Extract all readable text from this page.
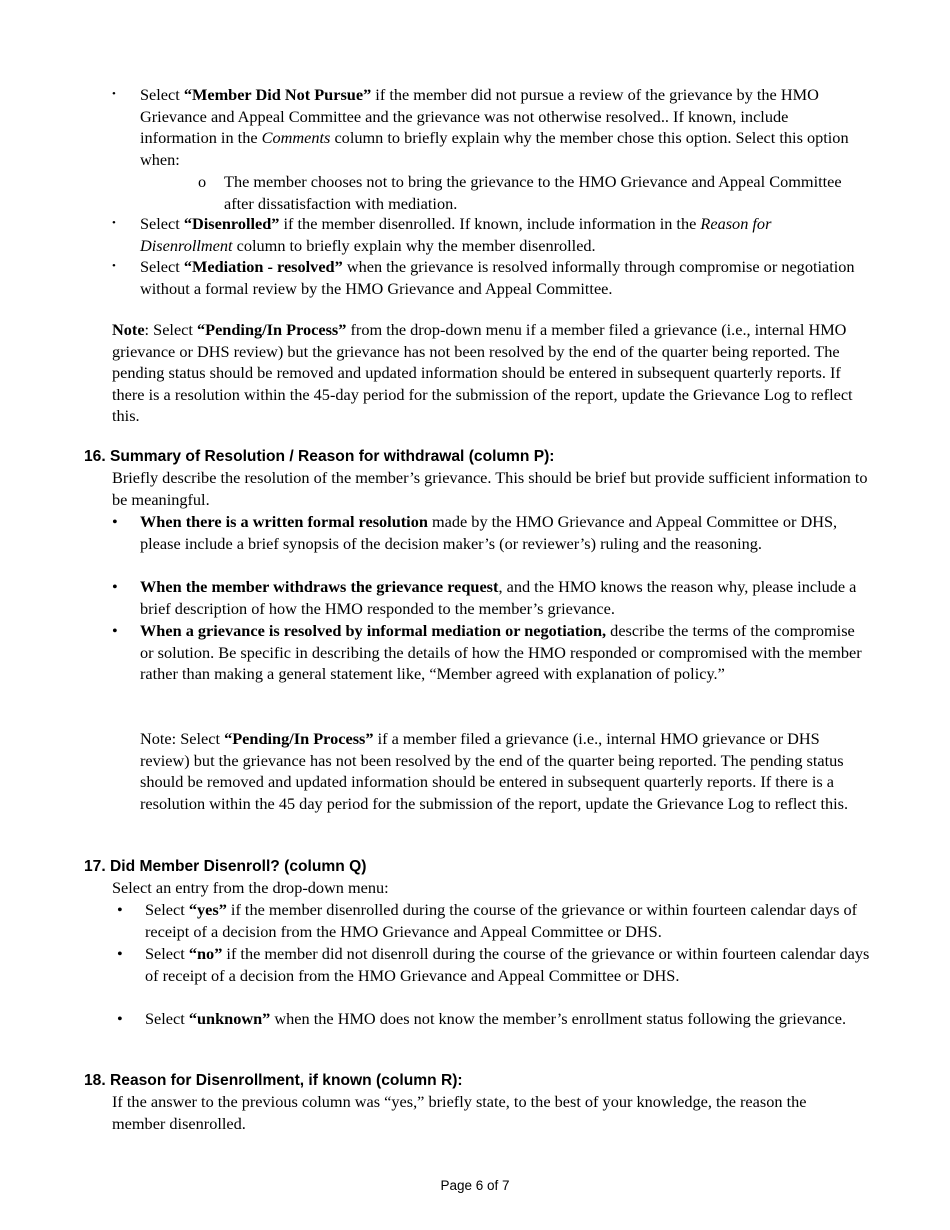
•	Select “Member Did Not Pursue” if the member did not pursue a review of the grievance by the HMO Grievance and Appeal Committee and the grievance was not otherwise resolved.. If known, include information in the Comments column to briefly explain why the member chose this option. Select this option when:
o	The member chooses not to bring the grievance to the HMO Grievance and Appeal Committee after dissatisfaction with mediation.
•	Select “Disenrolled” if the member disenrolled. If known, include information in the Reason for Disenrollment column to briefly explain why the member disenrolled.
•	Select “Mediation - resolved” when the grievance is resolved informally through compromise or negotiation without a formal review by the HMO Grievance and Appeal Committee.
Note: Select “Pending/In Process” from the drop-down menu if a member filed a grievance (i.e., internal HMO grievance or DHS review) but the grievance has not been resolved by the end of the quarter being reported. The pending status should be removed and updated information should be entered in subsequent quarterly reports. If there is a resolution within the 45-day period for the submission of the report, update the Grievance Log to reflect this.
16. Summary of Resolution / Reason for withdrawal (column P):
Briefly describe the resolution of the member’s grievance. This should be brief but provide sufficient information to be meaningful.
•	When there is a written formal resolution made by the HMO Grievance and Appeal Committee or DHS, please include a brief synopsis of the decision maker’s (or reviewer’s) ruling and the reasoning.
•	When the member withdraws the grievance request, and the HMO knows the reason why, please include a brief description of how the HMO responded to the member’s grievance.
•	When a grievance is resolved by informal mediation or negotiation, describe the terms of the compromise or solution. Be specific in describing the details of how the HMO responded or compromised with the member rather than making a general statement like, “Member agreed with explanation of policy.”
Note: Select “Pending/In Process” if a member filed a grievance (i.e., internal HMO grievance or DHS review) but the grievance has not been resolved by the end of the quarter being reported. The pending status should be removed and updated information should be entered in subsequent quarterly reports. If there is a resolution within the 45 day period for the submission of the report, update the Grievance Log to reflect this.
17. Did Member Disenroll? (column Q)
Select an entry from the drop-down menu:
•	Select “yes” if the member disenrolled during the course of the grievance or within fourteen calendar days of receipt of a decision from the HMO Grievance and Appeal Committee or DHS.
•	Select “no” if the member did not disenroll during the course of the grievance or within fourteen calendar days of receipt of a decision from the HMO Grievance and Appeal Committee or DHS.
•	Select “unknown” when the HMO does not know the member’s enrollment status following the grievance.
18. Reason for Disenrollment, if known (column R):
If the answer to the previous column was “yes,” briefly state, to the best of your knowledge, the reason the member disenrolled.
Page 6 of 7
